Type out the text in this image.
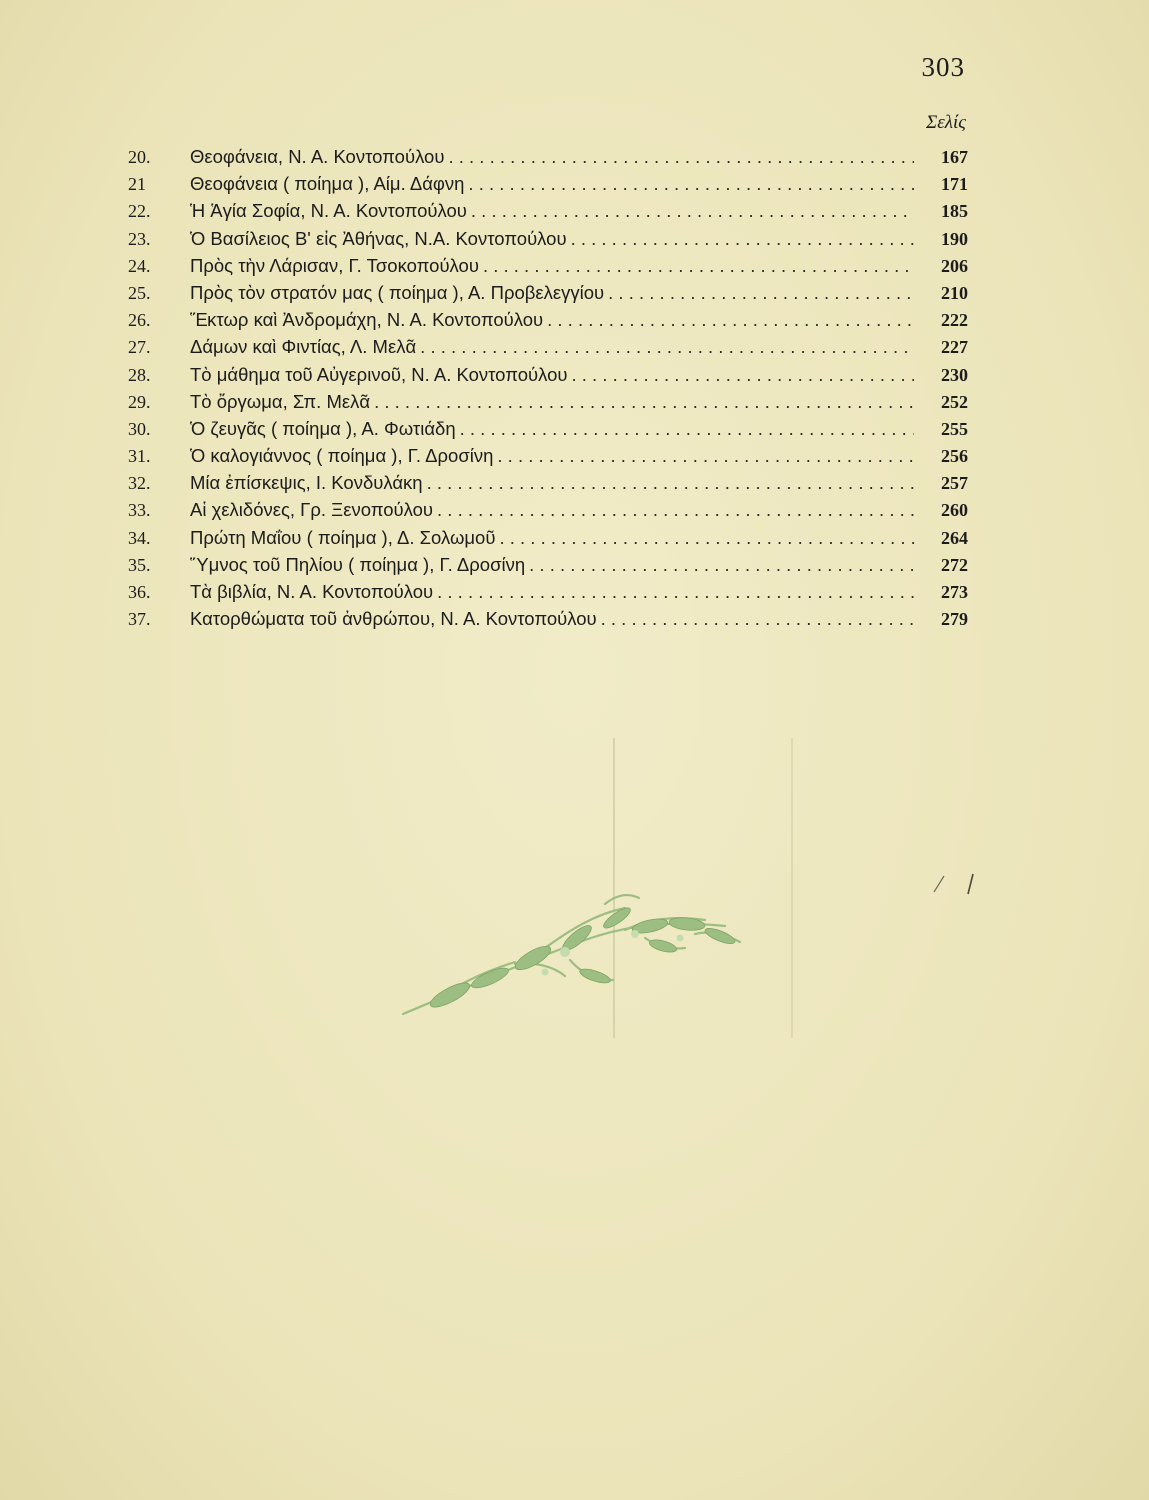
303
Σελίς
20.	Θεοφάνεια, Ν. Α. Κοντοπούλου . . .	167
21	Θεοφάνεια ( ποίημα ), Αίμ. Δάφνη . . .	171
22.	Ἡ Ἁγία Σοφία, Ν. Α. Κοντοπούλου . . .	185
23.	Ὁ Βασίλειος Β' εἰς Ἀθήνας, Ν.Α. Κοντοπούλου . . .	190
24.	Πρὸς τὴν Λάρισαν, Γ. Τσοκοπούλου . . .	206
25.	Πρὸς τὸν στρατόν μας ( ποίημα ), Α. Προβελεγγίου . . .	210
26.	Ἕκτωρ καὶ Ἀνδρομάχη, Ν. Α. Κοντοπούλου . . .	222
27.	Δάμων καὶ Φιντίας, Λ. Μελᾶ . . .	227
28.	Τὸ μάθημα τοῦ Αὐγερινοῦ, Ν. Α. Κοντοπούλου . . .	230
29.	Τὸ ὄργωμα, Σπ. Μελᾶ . . .	252
30.	Ὁ ζευγᾶς ( ποίημα ), Α. Φωτιάδη . . .	255
31.	Ὁ καλογιάννος ( ποίημα ), Γ. Δροσίνη . . .	256
32.	Μία ἐπίσκεψις, Ι. Κονδυλάκη . . .	257
33.	Αἱ χελιδόνες, Γρ. Ξενοπούλου . . .	260
34.	Πρώτη Μαΐου ( ποίημα ), Δ. Σολωμοῦ . . .	264
35.	Ὕμνος τοῦ Πηλίου ( ποίημα ), Γ. Δροσίνη . . .	272
36.	Τὰ βιβλία, Ν. Α. Κοντοπούλου . . .	273
37.	Κατορθώματα τοῦ ἀνθρώπου, Ν. Α. Κοντοπούλου . . .	279
